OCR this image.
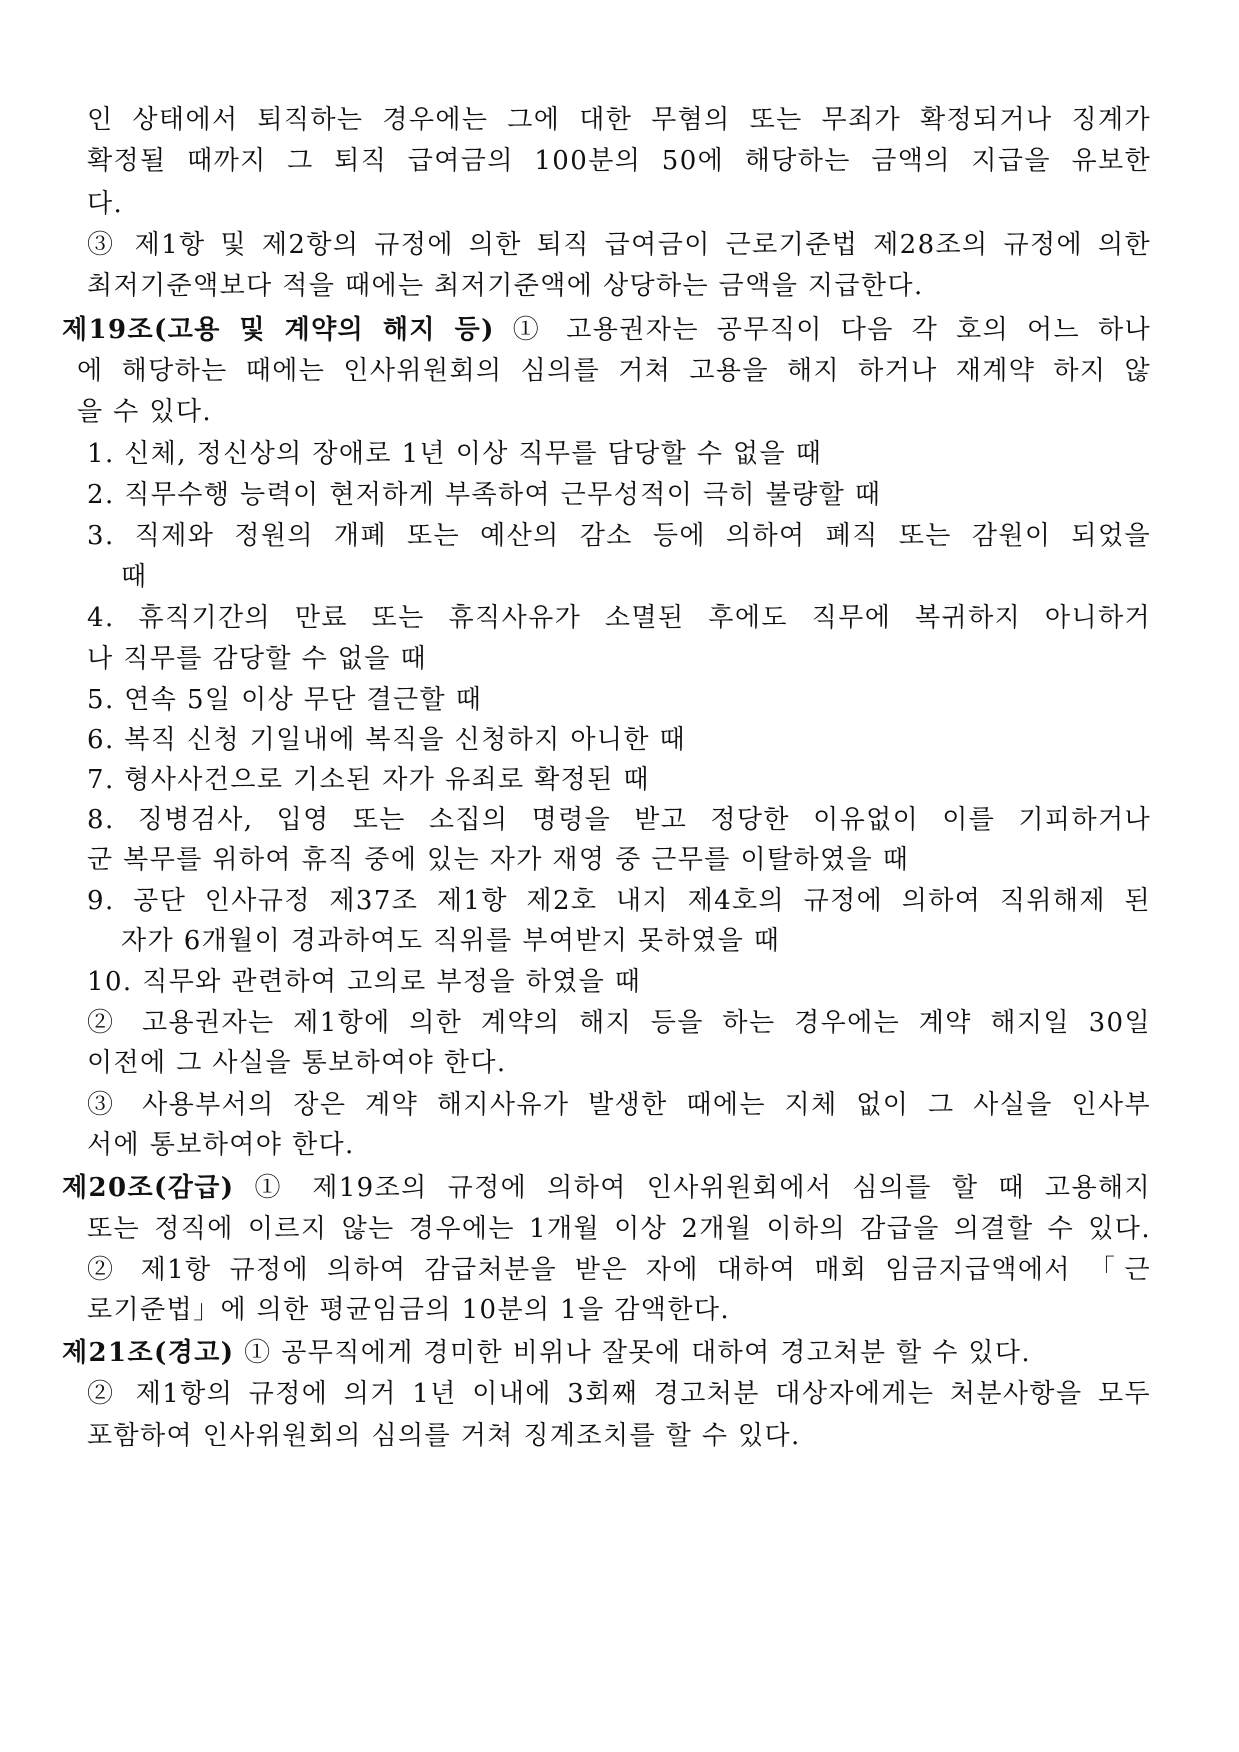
인 상태에서 퇴직하는 경우에는 그에 대한 무혐의 또는 무죄가 확정되거나 징계가
확정될 때까지 그 퇴직 급여금의 100분의 50에 해당하는 금액의 지급을 유보한
다.
③ 제1항 및 제2항의 규정에 의한 퇴직 급여금이 근로기준법 제28조의 규정에 의한
최저기준액보다 적을 때에는 최저기준액에 상당하는 금액을 지급한다.
제19조(고용 및 계약의 해지 등) ① 고용권자는 공무직이 다음 각 호의 어느 하나
에 해당하는 때에는 인사위원회의 심의를 거쳐 고용을 해지 하거나 재계약 하지 않
을 수 있다.
1. 신체, 정신상의 장애로 1년 이상 직무를 담당할 수 없을 때
2. 직무수행 능력이 현저하게 부족하여 근무성적이 극히 불량할 때
3. 직제와 정원의 개폐 또는 예산의 감소 등에 의하여 폐직 또는 감원이 되었을
때
4. 휴직기간의 만료 또는 휴직사유가 소멸된 후에도 직무에 복귀하지 아니하거
나 직무를 감당할 수 없을 때
5. 연속 5일 이상 무단 결근할 때
6. 복직 신청 기일내에 복직을 신청하지 아니한 때
7. 형사사건으로 기소된 자가 유죄로 확정된 때
8. 징병검사, 입영 또는 소집의 명령을 받고 정당한 이유없이 이를 기피하거나
군 복무를 위하여 휴직 중에 있는 자가 재영 중 근무를 이탈하였을 때
9. 공단 인사규정 제37조 제1항 제2호 내지 제4호의 규정에 의하여 직위해제 된
자가 6개월이 경과하여도 직위를 부여받지 못하였을 때
10. 직무와 관련하여 고의로 부정을 하였을 때
② 고용권자는 제1항에 의한 계약의 해지 등을 하는 경우에는 계약 해지일 30일
이전에 그 사실을 통보하여야 한다.
③ 사용부서의 장은 계약 해지사유가 발생한 때에는 지체 없이 그 사실을 인사부
서에 통보하여야 한다.
제20조(감급) ① 제19조의 규정에 의하여 인사위원회에서 심의를 할 때 고용해지
또는 정직에 이르지 않는 경우에는 1개월 이상 2개월 이하의 감급을 의결할 수 있다.
② 제1항 규정에 의하여 감급처분을 받은 자에 대하여 매회 임금지급액에서 「근
로기준법」에 의한 평균임금의 10분의 1을 감액한다.
제21조(경고) ① 공무직에게 경미한 비위나 잘못에 대하여 경고처분 할 수 있다.
② 제1항의 규정에 의거 1년 이내에 3회째 경고처분 대상자에게는 처분사항을 모두
포함하여 인사위원회의 심의를 거쳐 징계조치를 할 수 있다.
